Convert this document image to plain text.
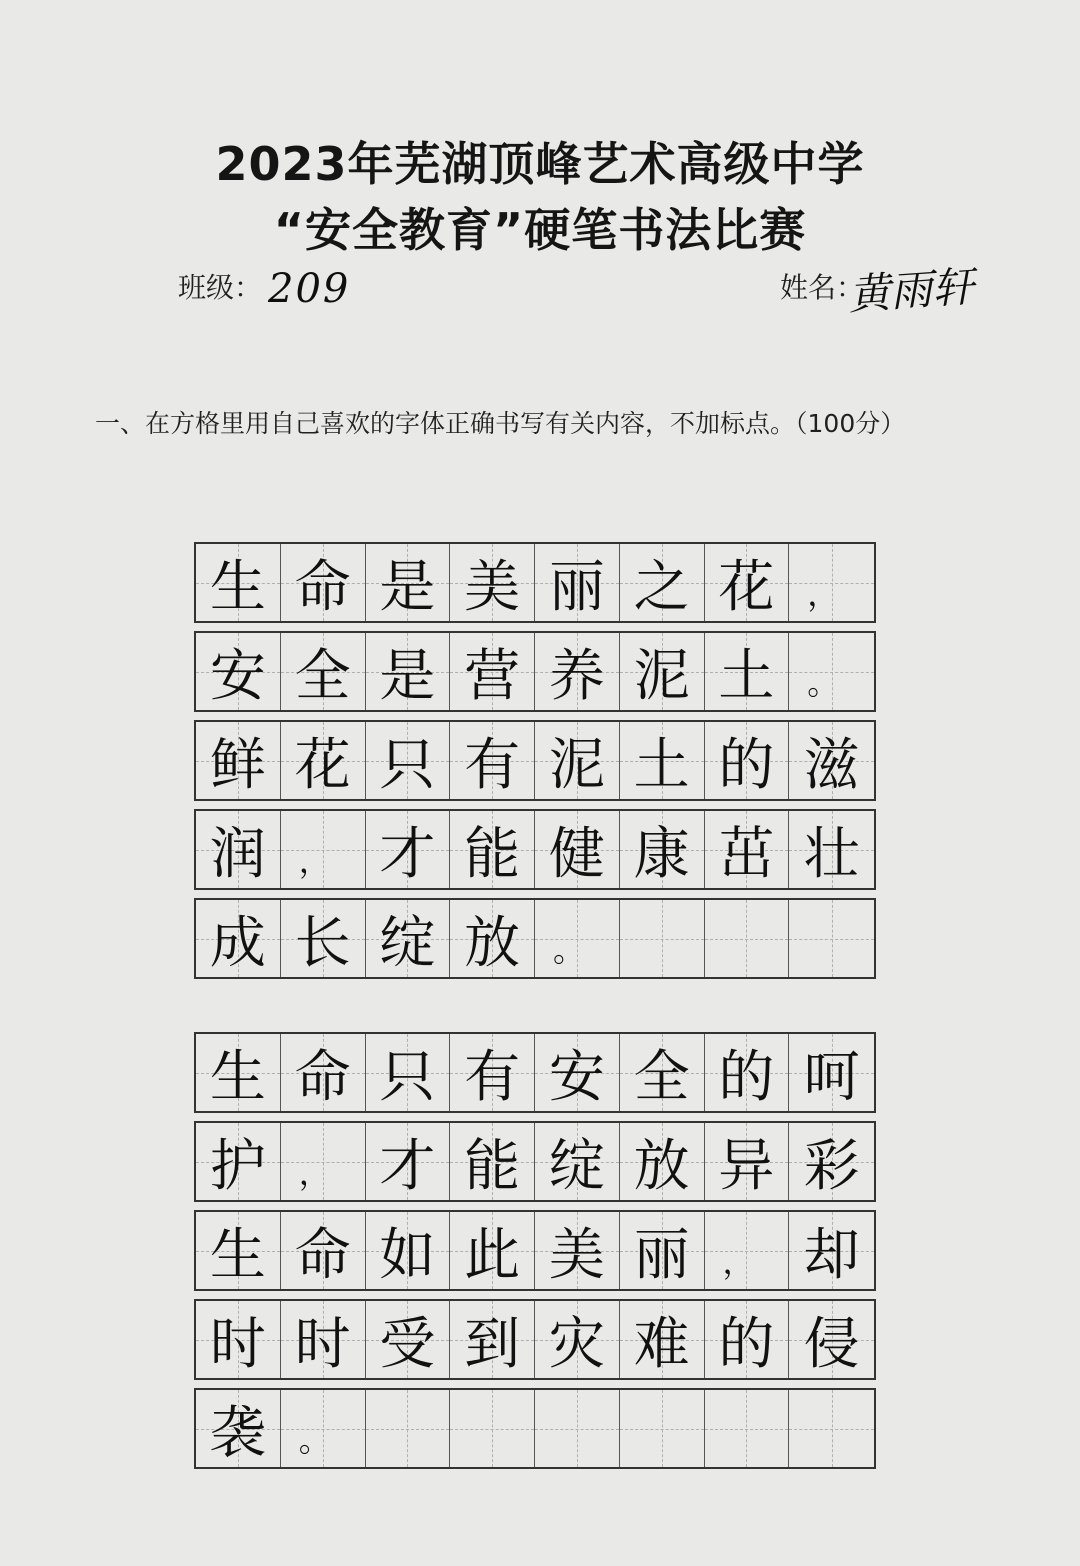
2023年芜湖顶峰艺术高级中学
“安全教育”硬笔书法比赛
班级： 209	姓名：
黄雨轩
一、在方格里用自己喜欢的字体正确书写有关内容，不加标点。（100分）
生 命 是 美 丽 之 花 ，
安 全 是 营 养 泥 土 。
鲜 花 只 有 泥 土 的 滋
润 ， 才 能 健 康 茁 壮
成 长 绽 放 。
生 命 只 有 安 全 的 呵
护 ， 才 能 绽 放 异 彩
生 命 如 此 美 丽 ， 却
时 时 受 到 灾 难 的 侵
袭 。
